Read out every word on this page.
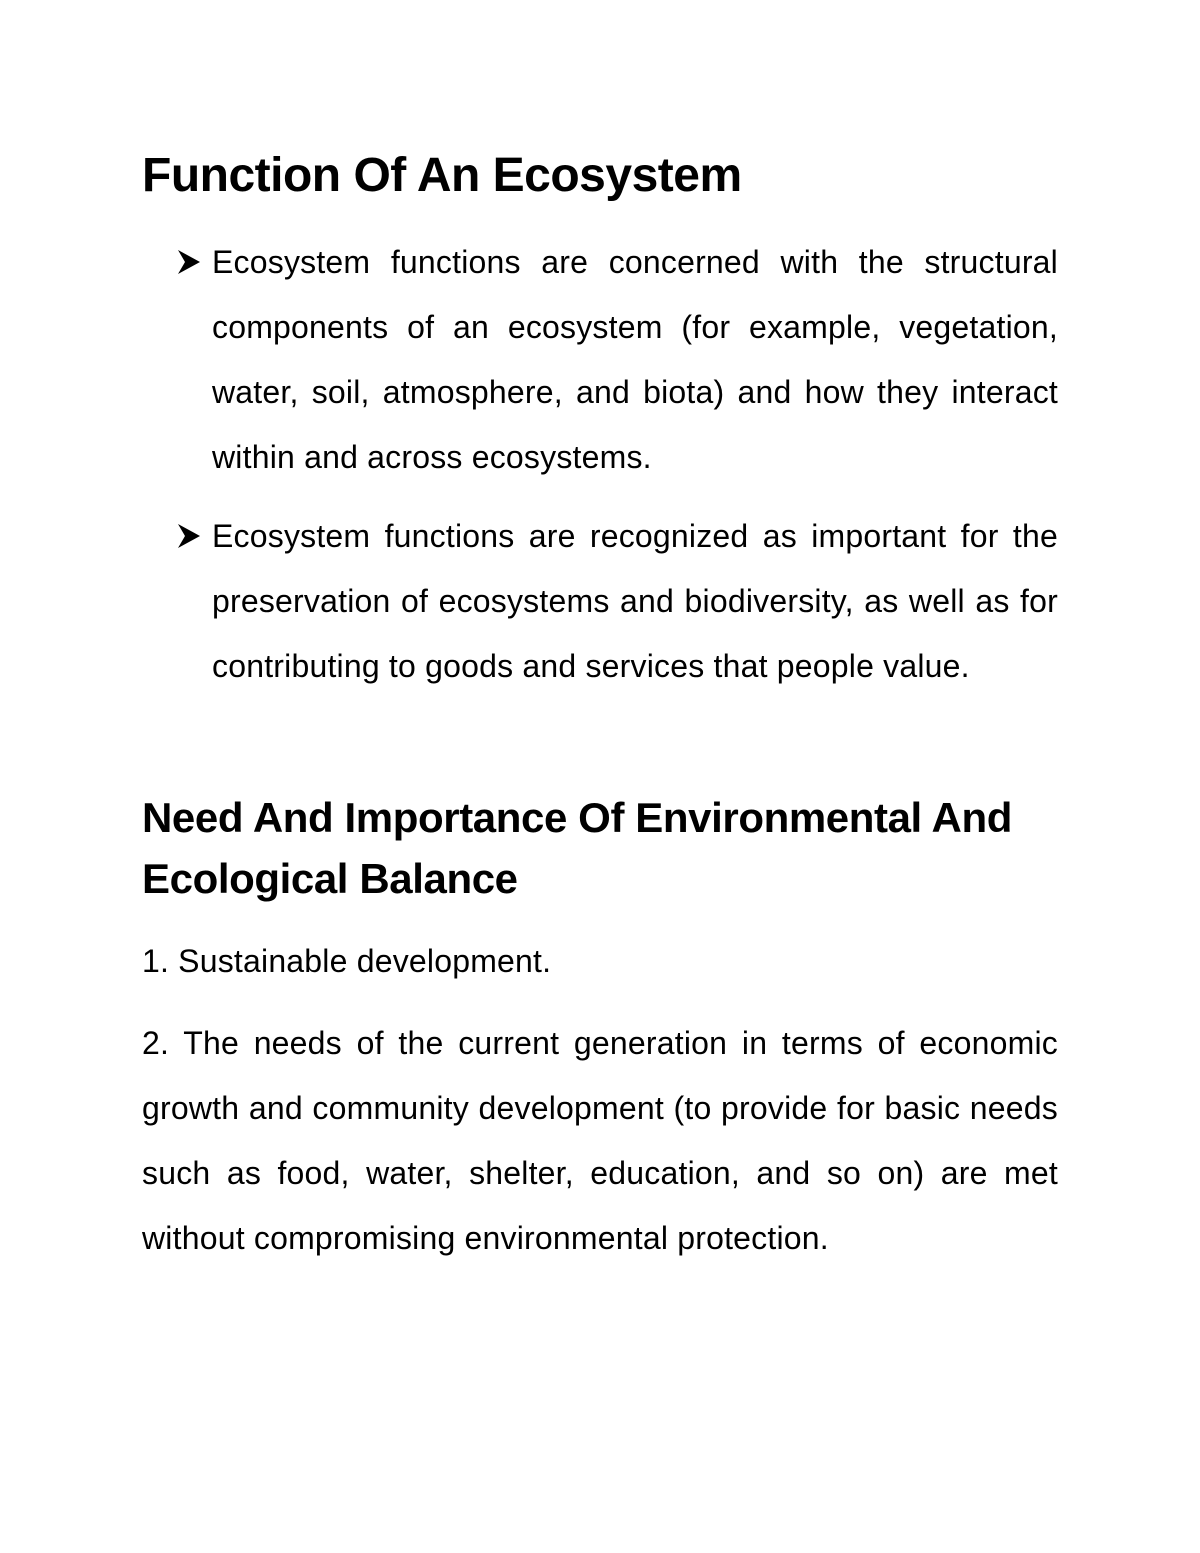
Function Of An Ecosystem

Ecosystem functions are concerned with the structural components of an ecosystem (for example, vegetation, water, soil, atmosphere, and biota) and how they interact within and across ecosystems.

Ecosystem functions are recognized as important for the preservation of ecosystems and biodiversity, as well as for contributing to goods and services that people value.

Need And Importance Of Environmental And Ecological Balance

1. Sustainable development.

2. The needs of the current generation in terms of economic growth and community development (to provide for basic needs such as food, water, shelter, education, and so on) are met without compromising environmental protection.
